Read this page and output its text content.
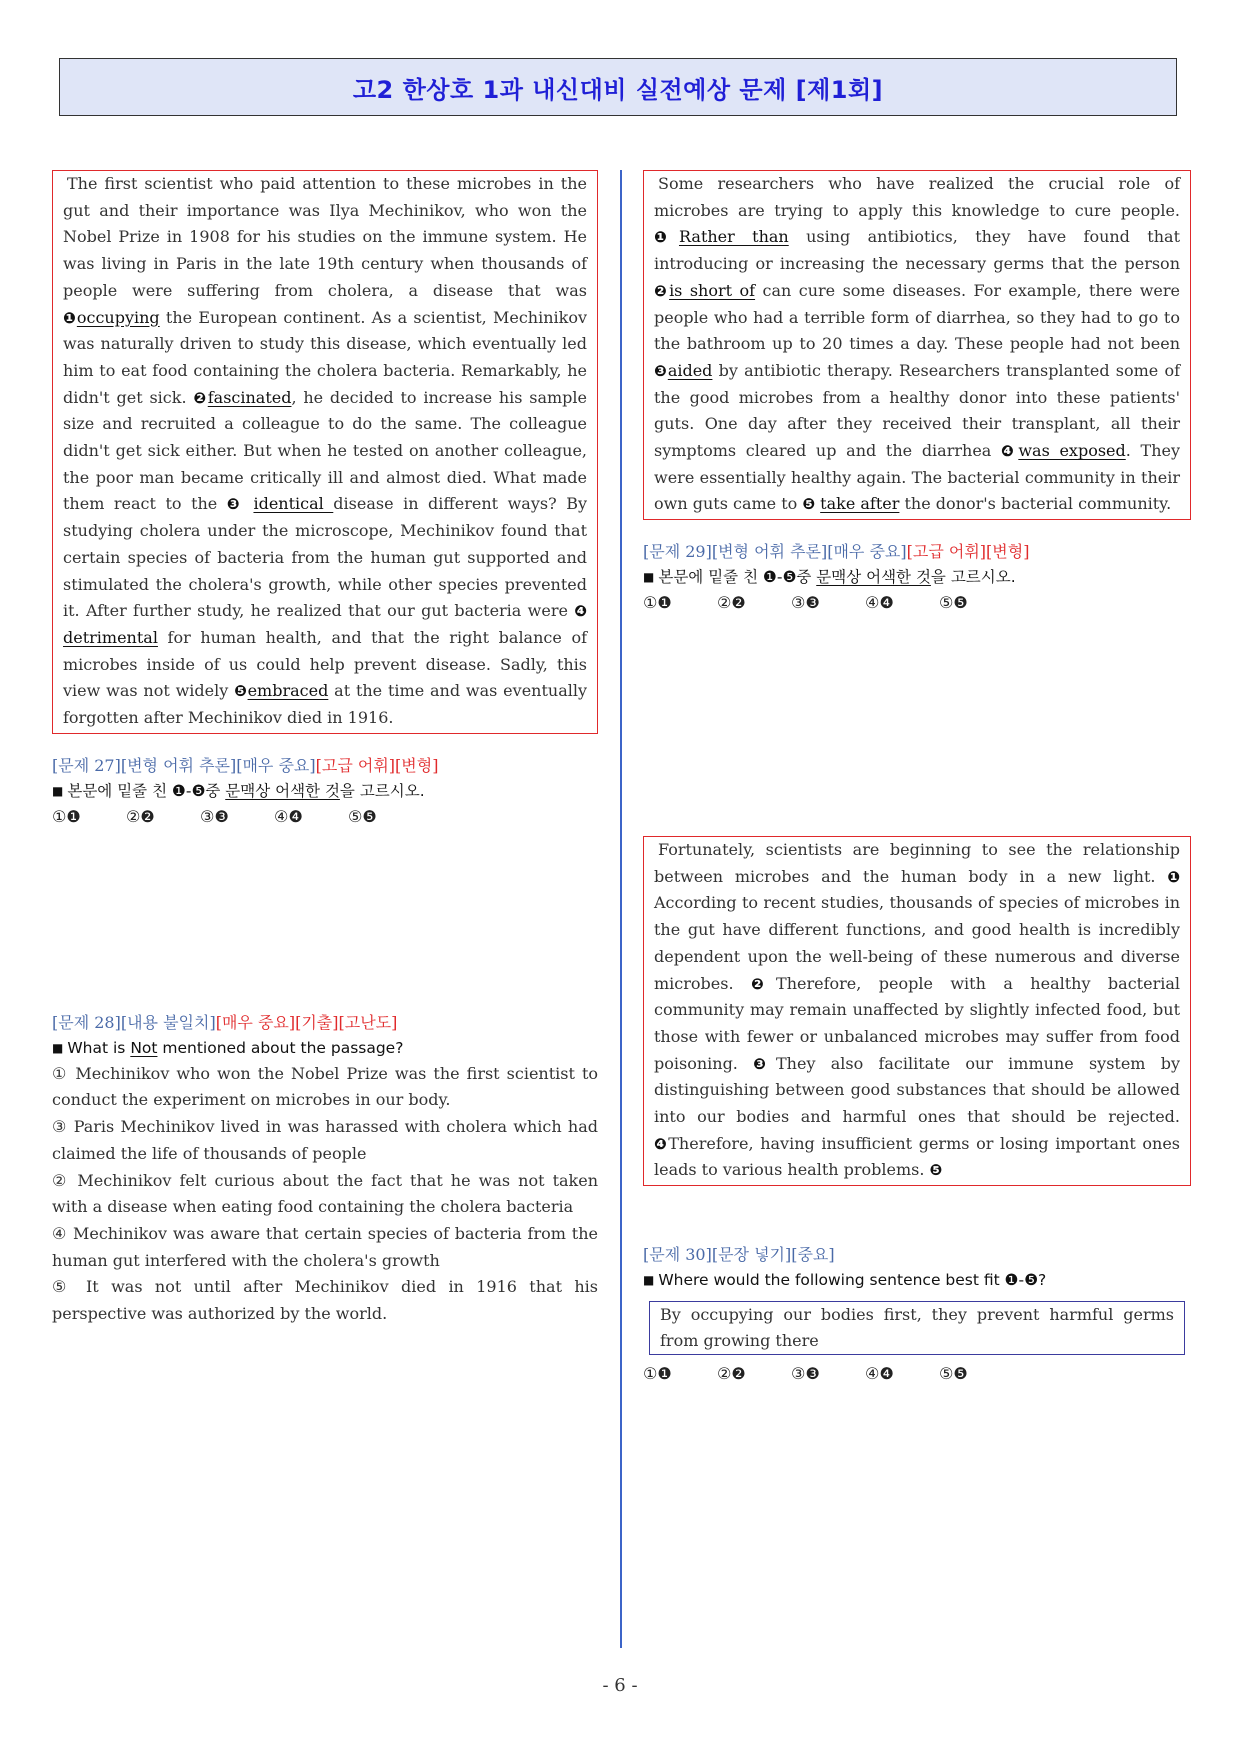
고2 한상호 1과 내신대비 실전예상 문제 [제1회]
The first scientist who paid attention to these microbes in the gut and their importance was Ilya Mechinikov, who won the Nobel Prize in 1908 for his studies on the immune system. He was living in Paris in the late 19th century when thousands of people were suffering from cholera, a disease that was ❶occupying the European continent. As a scientist, Mechinikov was naturally driven to study this disease, which eventually led him to eat food containing the cholera bacteria. Remarkably, he didn't get sick. ❷fascinated, he decided to increase his sample size and recruited a colleague to do the same. The colleague didn't get sick either. But when he tested on another colleague, the poor man became critically ill and almost died. What made them react to the ❸ identical disease in different ways? By studying cholera under the microscope, Mechinikov found that certain species of bacteria from the human gut supported and stimulated the cholera's growth, while other species prevented it. After further study, he realized that our gut bacteria were ❹ detrimental for human health, and that the right balance of microbes inside of us could help prevent disease. Sadly, this view was not widely ❺embraced at the time and was eventually forgotten after Mechinikov died in 1916.
[문제 27][변형 어휘 추론][매우 중요][고급 어휘][변형]
■ 본문에 밑줄 친 ❶-❺중 문맥상 어색한 것을 고르시오.
①❶	②❷	③❸	④❹	⑤❺
[문제 28][내용 불일치][매우 중요][기출][고난도]
■ What is Not mentioned about the passage?
① Mechinikov who won the Nobel Prize was the first scientist to conduct the experiment on microbes in our body.
③ Paris Mechinikov lived in was harassed with cholera which had claimed the life of thousands of people
② Mechinikov felt curious about the fact that he was not taken with a disease when eating food containing the cholera bacteria
④ Mechinikov was aware that certain species of bacteria from the human gut interfered with the cholera's growth
⑤ It was not until after Mechinikov died in 1916 that his perspective was authorized by the world.
Some researchers who have realized the crucial role of microbes are trying to apply this knowledge to cure people. ❶Rather than using antibiotics, they have found that introducing or increasing the necessary germs that the person ❷is short of can cure some diseases. For example, there were people who had a terrible form of diarrhea, so they had to go to the bathroom up to 20 times a day. These people had not been ❸aided by antibiotic therapy. Researchers transplanted some of the good microbes from a healthy donor into these patients' guts. One day after they received their transplant, all their symptoms cleared up and the diarrhea ❹was exposed. They were essentially healthy again. The bacterial community in their own guts came to ❺ take after the donor's bacterial community.
[문제 29][변형 어휘 추론][매우 중요][고급 어휘][변형]
■ 본문에 밑줄 친 ❶-❺중 문맥상 어색한 것을 고르시오.
①❶	②❷	③❸	④❹	⑤❺
Fortunately, scientists are beginning to see the relationship between microbes and the human body in a new light. ❶ According to recent studies, thousands of species of microbes in the gut have different functions, and good health is incredibly dependent upon the well-being of these numerous and diverse microbes. ❷Therefore, people with a healthy bacterial community may remain unaffected by slightly infected food, but those with fewer or unbalanced microbes may suffer from food poisoning. ❸They also facilitate our immune system by distinguishing between good substances that should be allowed into our bodies and harmful ones that should be rejected. ❹Therefore, having insufficient germs or losing important ones leads to various health problems. ❺
[문제 30][문장 넣기][중요]
■ Where would the following sentence best fit ❶-❺?
By occupying our bodies first, they prevent harmful germs from growing there
①❶	②❷	③❸	④❹	⑤❺
- 6 -
